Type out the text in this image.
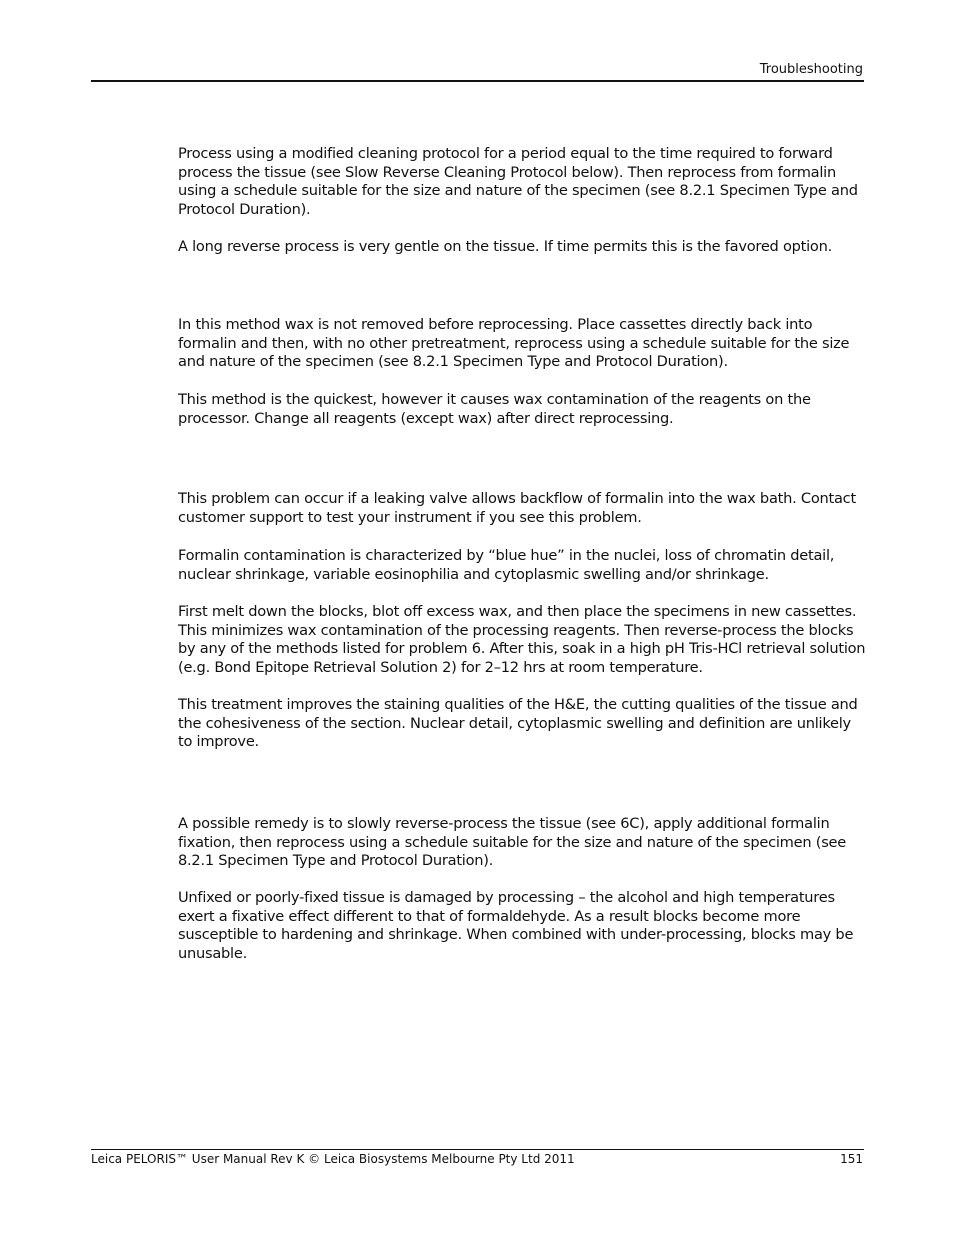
Troubleshooting

Process using a modified cleaning protocol for a period equal to the time required to forward process the tissue (see Slow Reverse Cleaning Protocol below). Then reprocess from formalin using a schedule suitable for the size and nature of the specimen (see 8.2.1 Specimen Type and Protocol Duration).

A long reverse process is very gentle on the tissue. If time permits this is the favored option.

In this method wax is not removed before reprocessing. Place cassettes directly back into formalin and then, with no other pretreatment, reprocess using a schedule suitable for the size and nature of the specimen (see 8.2.1 Specimen Type and Protocol Duration).

This method is the quickest, however it causes wax contamination of the reagents on the processor. Change all reagents (except wax) after direct reprocessing.

This problem can occur if a leaking valve allows backflow of formalin into the wax bath. Contact customer support to test your instrument if you see this problem.

Formalin contamination is characterized by “blue hue” in the nuclei, loss of chromatin detail, nuclear shrinkage, variable eosinophilia and cytoplasmic swelling and/or shrinkage.

First melt down the blocks, blot off excess wax, and then place the specimens in new cassettes. This minimizes wax contamination of the processing reagents. Then reverse-process the blocks by any of the methods listed for problem 6. After this, soak in a high pH Tris-HCl retrieval solution (e.g. Bond Epitope Retrieval Solution 2) for 2–12 hrs at room temperature.

This treatment improves the staining qualities of the H&E, the cutting qualities of the tissue and the cohesiveness of the section. Nuclear detail, cytoplasmic swelling and definition are unlikely to improve.

A possible remedy is to slowly reverse-process the tissue (see 6C), apply additional formalin fixation, then reprocess using a schedule suitable for the size and nature of the specimen (see 8.2.1 Specimen Type and Protocol Duration).

Unfixed or poorly-fixed tissue is damaged by processing – the alcohol and high temperatures exert a fixative effect different to that of formaldehyde. As a result blocks become more susceptible to hardening and shrinkage. When combined with under-processing, blocks may be unusable.

Leica PELORIS™ User Manual Rev K © Leica Biosystems Melbourne Pty Ltd 2011	151
